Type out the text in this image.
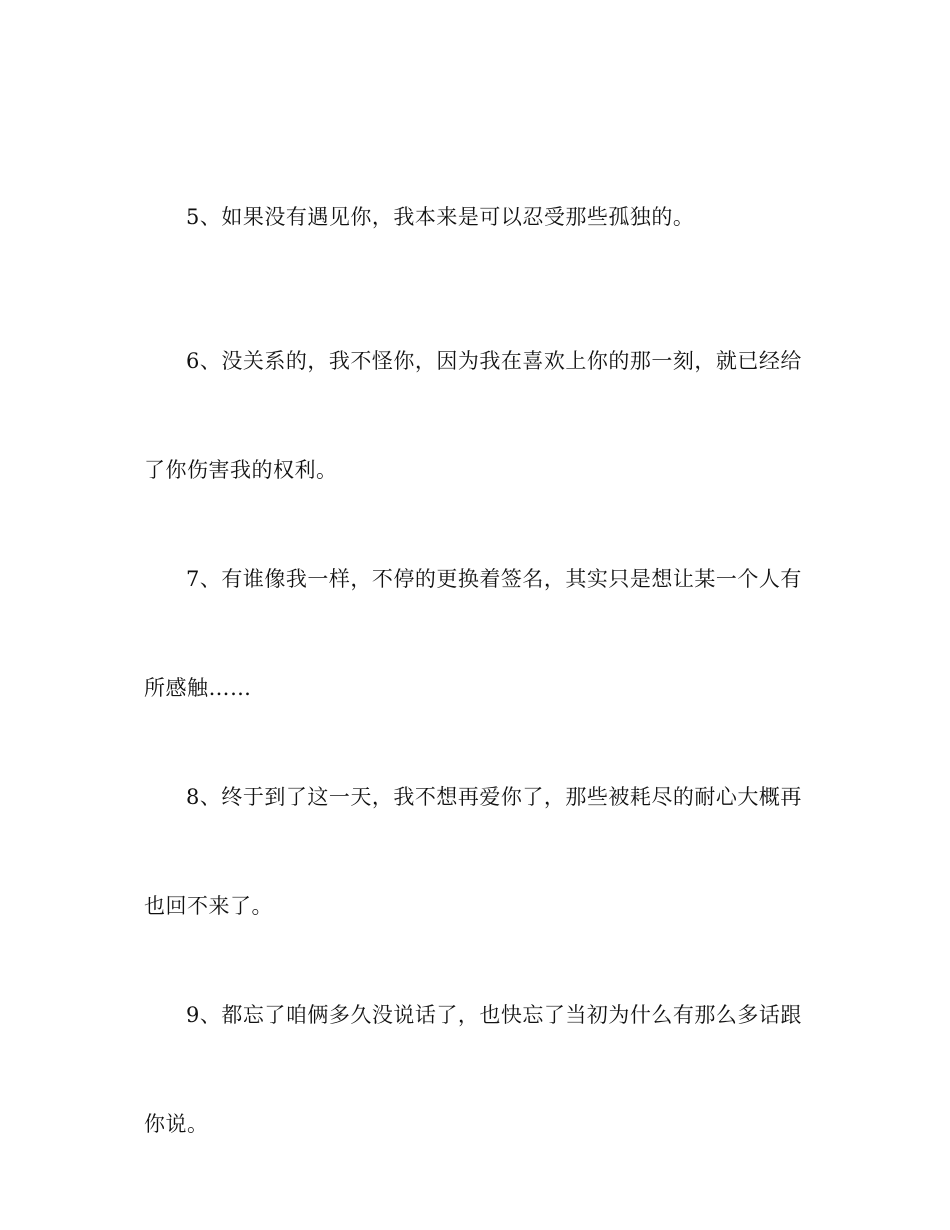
5、如果没有遇见你，我本来是可以忍受那些孤独的。

6、没关系的，我不怪你，因为我在喜欢上你的那一刻，就已经给了你伤害我的权利。

7、有谁像我一样，不停的更换着签名，其实只是想让某一个人有所感触……

8、终于到了这一天，我不想再爱你了，那些被耗尽的耐心大概再也回不来了。

9、都忘了咱俩多久没说话了，也快忘了当初为什么有那么多话跟你说。
